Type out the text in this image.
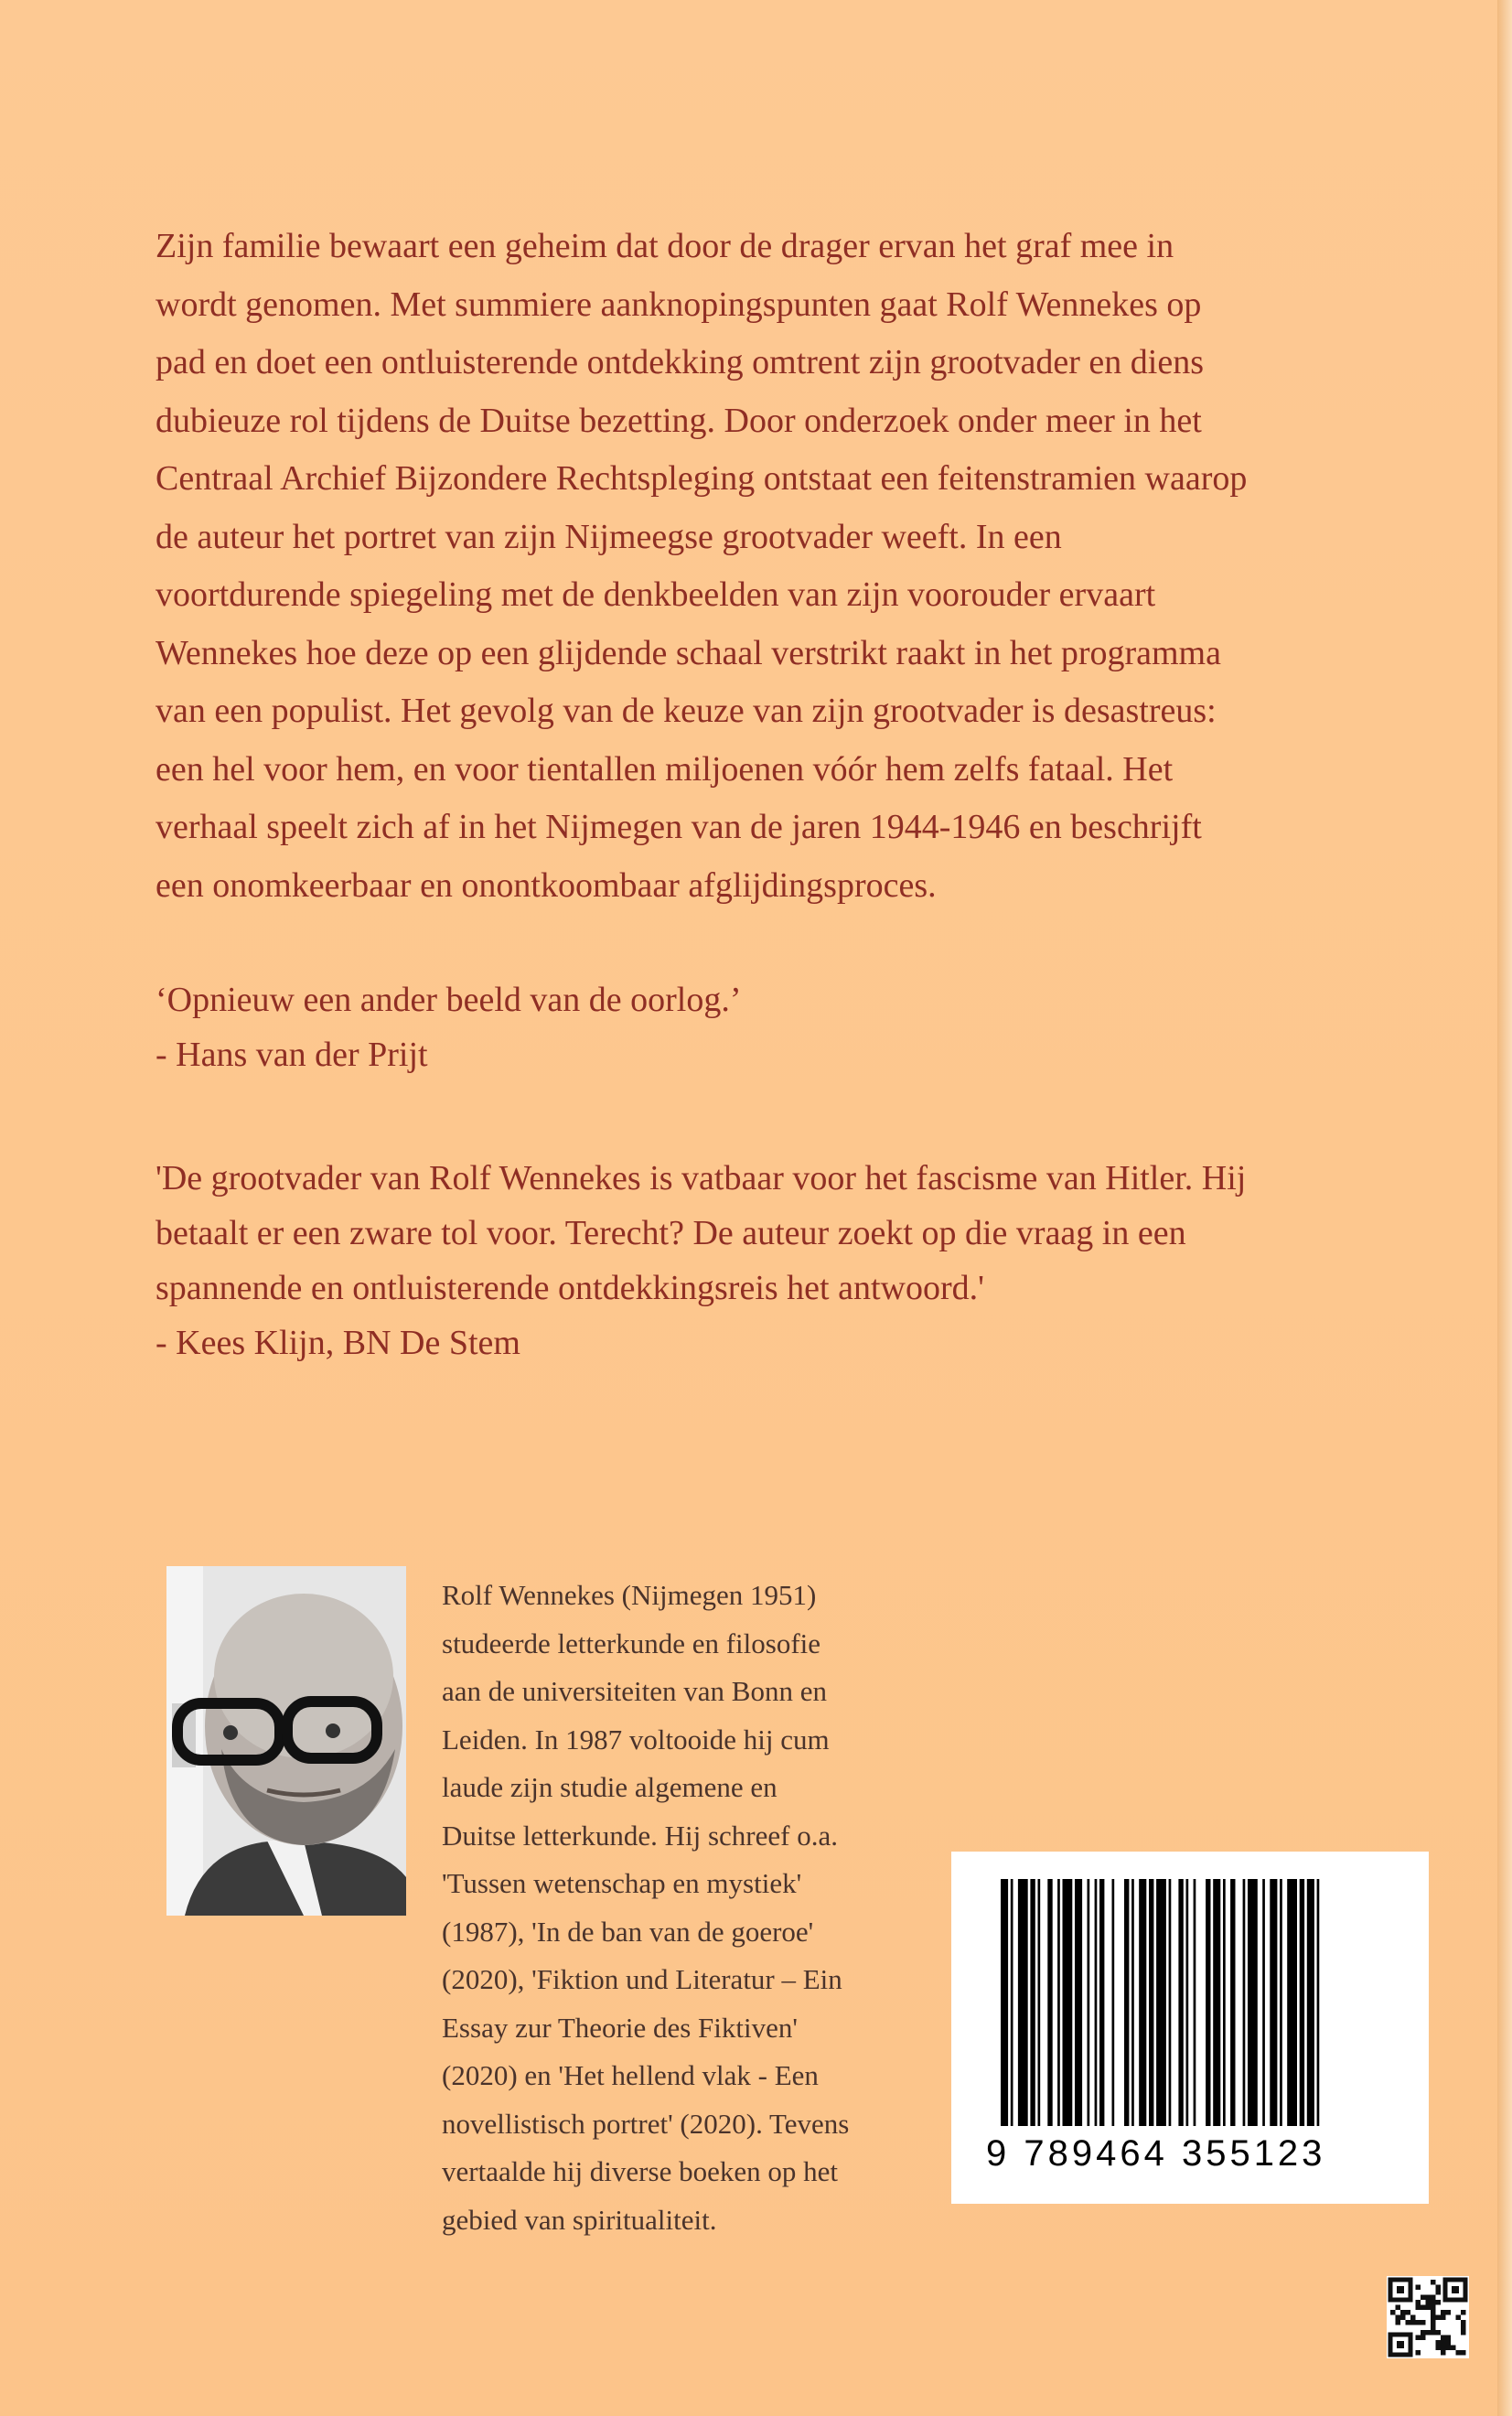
Zijn familie bewaart een geheim dat door de drager ervan het graf mee in
wordt genomen. Met summiere aanknopingspunten gaat Rolf Wennekes op
pad en doet een ontluisterende ontdekking omtrent zijn grootvader en diens
dubieuze rol tijdens de Duitse bezetting. Door onderzoek onder meer in het
Centraal Archief Bijzondere Rechtspleging ontstaat een feitenstramien waarop
de auteur het portret van zijn Nijmeegse grootvader weeft. In een
voortdurende spiegeling met de denkbeelden van zijn voorouder ervaart
Wennekes hoe deze op een glijdende schaal verstrikt raakt in het programma
van een populist. Het gevolg van de keuze van zijn grootvader is desastreus:
een hel voor hem, en voor tientallen miljoenen vóór hem zelfs fataal. Het
verhaal speelt zich af in het Nijmegen van de jaren 1944-1946 en beschrijft
een onomkeerbaar en onontkoombaar afglijdingsproces.
‘Opnieuw een ander beeld van de oorlog.’
- Hans van der Prijt
'De grootvader van Rolf Wennekes is vatbaar voor het fascisme van Hitler. Hij
betaalt er een zware tol voor. Terecht? De auteur zoekt op die vraag in een
spannende en ontluisterende ontdekkingsreis het antwoord.'
- Kees Klijn, BN De Stem
Rolf Wennekes (Nijmegen 1951)
studeerde letterkunde en filosofie
aan de universiteiten van Bonn en
Leiden. In 1987 voltooide hij cum
laude zijn studie algemene en
Duitse letterkunde. Hij schreef o.a.
'Tussen wetenschap en mystiek'
(1987), 'In de ban van de goeroe'
(2020), 'Fiktion und Literatur – Ein
Essay zur Theorie des Fiktiven'
(2020) en 'Het hellend vlak - Een
novellistisch portret' (2020). Tevens
vertaalde hij diverse boeken op het
gebied van spiritualiteit.
9 789464 355123
